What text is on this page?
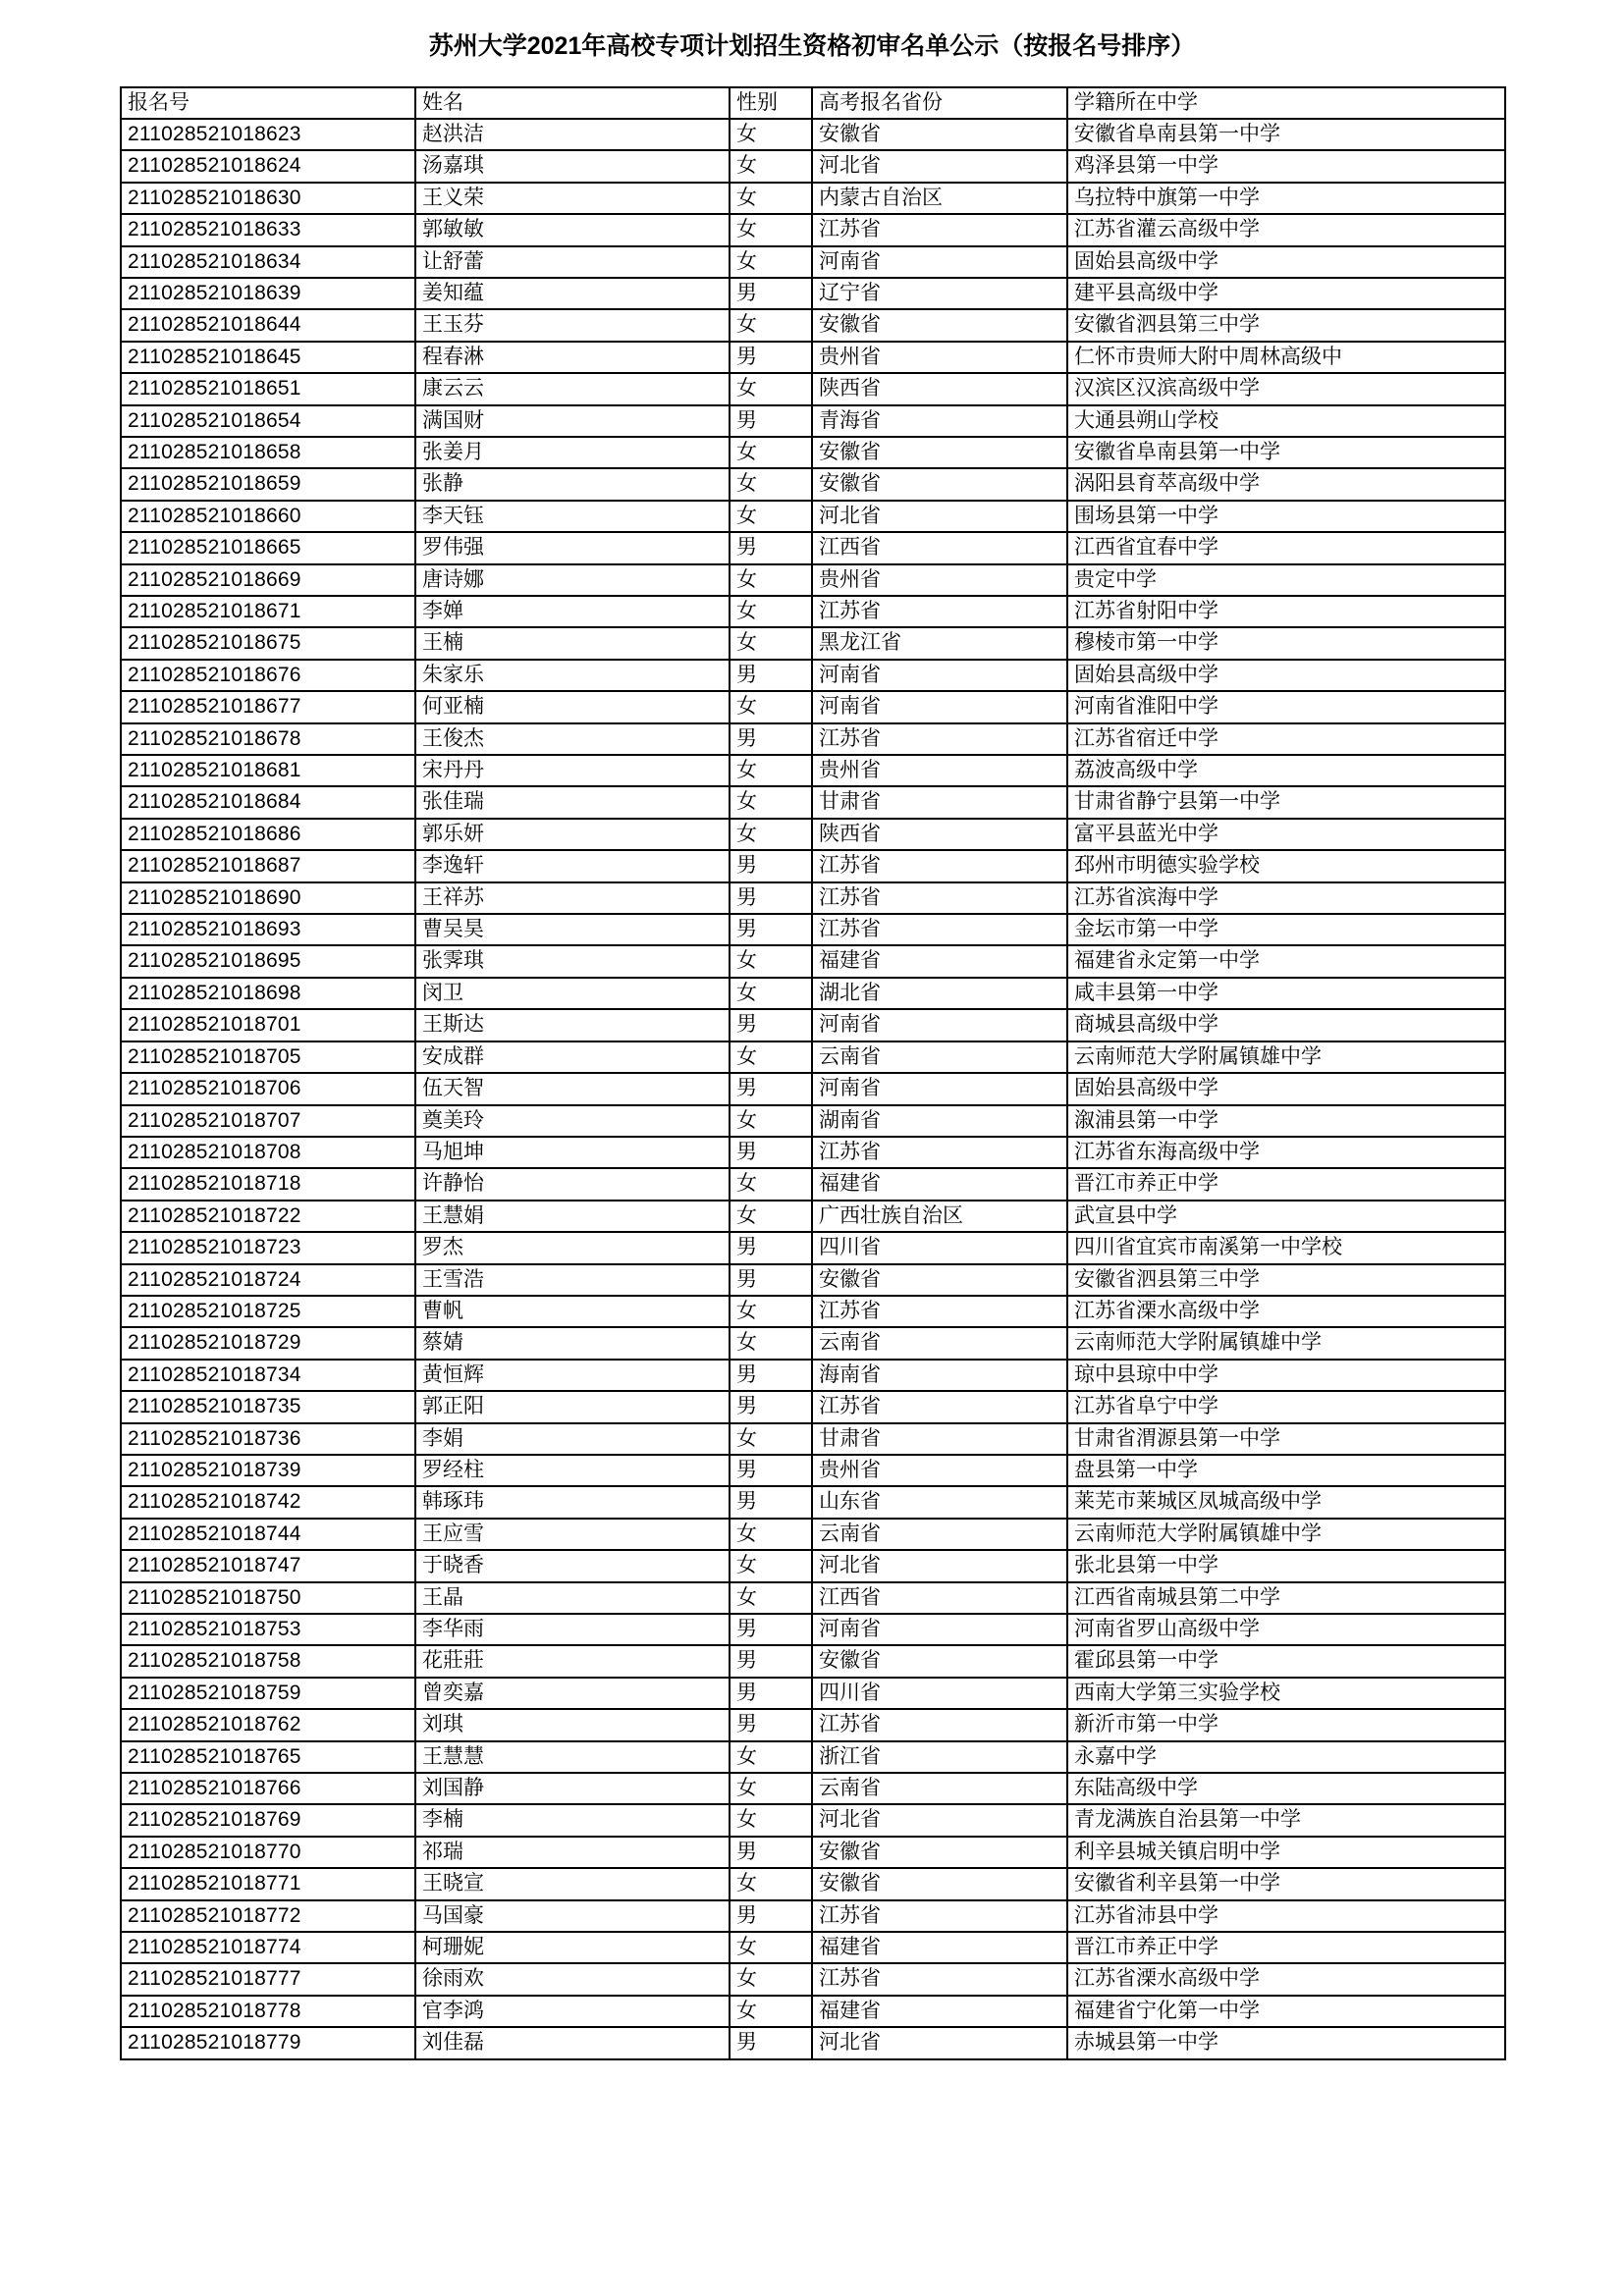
苏州大学2021年高校专项计划招生资格初审名单公示（按报名号排序）
报名号	姓名	性别	高考报名省份	学籍所在中学
211028521018623	赵洪洁	女	安徽省	安徽省阜南县第一中学
211028521018624	汤嘉琪	女	河北省	鸡泽县第一中学
211028521018630	王义荣	女	内蒙古自治区	乌拉特中旗第一中学
211028521018633	郭敏敏	女	江苏省	江苏省灌云高级中学
211028521018634	让舒蕾	女	河南省	固始县高级中学
211028521018639	姜知蕴	男	辽宁省	建平县高级中学
211028521018644	王玉芬	女	安徽省	安徽省泗县第三中学
211028521018645	程春淋	男	贵州省	仁怀市贵师大附中周林高级中
211028521018651	康云云	女	陕西省	汉滨区汉滨高级中学
211028521018654	满国财	男	青海省	大通县朔山学校
211028521018658	张姜月	女	安徽省	安徽省阜南县第一中学
211028521018659	张静	女	安徽省	涡阳县育萃高级中学
211028521018660	李天钰	女	河北省	围场县第一中学
211028521018665	罗伟强	男	江西省	江西省宜春中学
211028521018669	唐诗娜	女	贵州省	贵定中学
211028521018671	李婵	女	江苏省	江苏省射阳中学
211028521018675	王楠	女	黑龙江省	穆棱市第一中学
211028521018676	朱家乐	男	河南省	固始县高级中学
211028521018677	何亚楠	女	河南省	河南省淮阳中学
211028521018678	王俊杰	男	江苏省	江苏省宿迁中学
211028521018681	宋丹丹	女	贵州省	荔波高级中学
211028521018684	张佳瑞	女	甘肃省	甘肃省静宁县第一中学
211028521018686	郭乐妍	女	陕西省	富平县蓝光中学
211028521018687	李逸轩	男	江苏省	邳州市明德实验学校
211028521018690	王祥苏	男	江苏省	江苏省滨海中学
211028521018693	曹吴昊	男	江苏省	金坛市第一中学
211028521018695	张霁琪	女	福建省	福建省永定第一中学
211028521018698	闵卫	女	湖北省	咸丰县第一中学
211028521018701	王斯达	男	河南省	商城县高级中学
211028521018705	安成群	女	云南省	云南师范大学附属镇雄中学
211028521018706	伍天智	男	河南省	固始县高级中学
211028521018707	奠美玲	女	湖南省	溆浦县第一中学
211028521018708	马旭坤	男	江苏省	江苏省东海高级中学
211028521018718	许静怡	女	福建省	晋江市养正中学
211028521018722	王慧娟	女	广西壮族自治区	武宣县中学
211028521018723	罗杰	男	四川省	四川省宜宾市南溪第一中学校
211028521018724	王雪浩	男	安徽省	安徽省泗县第三中学
211028521018725	曹帆	女	江苏省	江苏省溧水高级中学
211028521018729	蔡婧	女	云南省	云南师范大学附属镇雄中学
211028521018734	黄恒辉	男	海南省	琼中县琼中中学
211028521018735	郭正阳	男	江苏省	江苏省阜宁中学
211028521018736	李娟	女	甘肃省	甘肃省渭源县第一中学
211028521018739	罗经柱	男	贵州省	盘县第一中学
211028521018742	韩琢玮	男	山东省	莱芜市莱城区凤城高级中学
211028521018744	王应雪	女	云南省	云南师范大学附属镇雄中学
211028521018747	于晓香	女	河北省	张北县第一中学
211028521018750	王晶	女	江西省	江西省南城县第二中学
211028521018753	李华雨	男	河南省	河南省罗山高级中学
211028521018758	花莊莊	男	安徽省	霍邱县第一中学
211028521018759	曾奕嘉	男	四川省	西南大学第三实验学校
211028521018762	刘琪	男	江苏省	新沂市第一中学
211028521018765	王慧慧	女	浙江省	永嘉中学
211028521018766	刘国静	女	云南省	东陆高级中学
211028521018769	李楠	女	河北省	青龙满族自治县第一中学
211028521018770	祁瑞	男	安徽省	利辛县城关镇启明中学
211028521018771	王晓宣	女	安徽省	安徽省利辛县第一中学
211028521018772	马国豪	男	江苏省	江苏省沛县中学
211028521018774	柯珊妮	女	福建省	晋江市养正中学
211028521018777	徐雨欢	女	江苏省	江苏省溧水高级中学
211028521018778	官李鸿	女	福建省	福建省宁化第一中学
211028521018779	刘佳磊	男	河北省	赤城县第一中学
